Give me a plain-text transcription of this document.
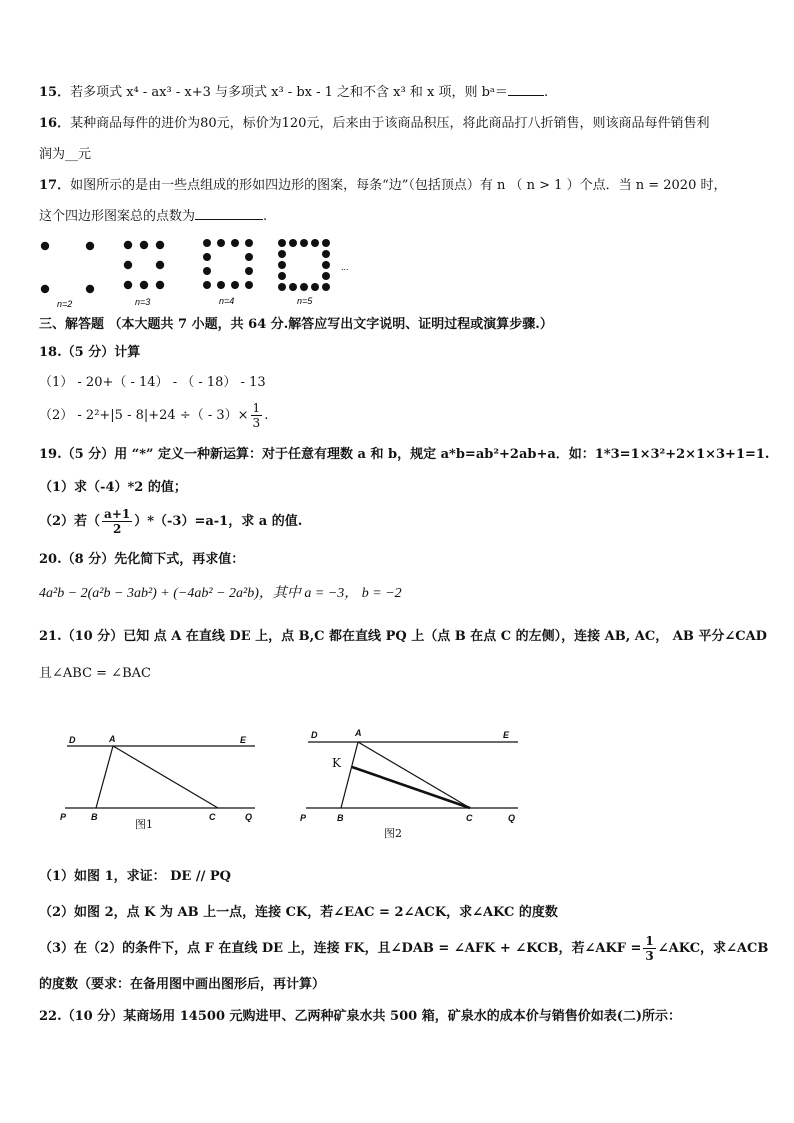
15．若多项式 x⁴ - ax³ - x+3 与多项式 x³ - bx - 1 之和不含 x³ 和 x 项，则 bᵃ＝	.
16．某种商品每件的进价为80元，标价为120元，后来由于该商品积压，将此商品打八折销售，则该商品每件销售利
润为__元
17．如图所示的是由一些点组成的形如四边形的图案，每条“边”（包括顶点）有 n （ n > 1 ）个点．当 n = 2020 时，
这个四边形图案总的点数为	.
...
n=2	n=3	n=4	n=5
三、解答题 （本大题共 7 小题，共 64 分.解答应写出文字说明、证明过程或演算步骤.）
18.（5 分）计算
（1） - 20+（ - 14） - （ - 18） - 13
（2） - 2²+|5 - 8|+24 ÷（ - $3)\times \frac{1}{3}$ .
19.（5 分）用 “*” 定义一种新运算：对于任意有理数 a 和 b，规定 a*b=ab²+2ab+a．如：1*3=1×3²+2×1×3+1=1.
（1）求（-4）*2 的值；
（2）若（ $\frac{a+1}{2} )*(-3)=a-1$，求 a 的值.
20.（8 分）先化简下式，再求值：
4a²b − 2(a²b − 3ab²) + (−4ab² − 2a²b)，其中 a = −3， b = −2
21.（10 分）已知 点 A 在直线 DE 上，点 B,C 都在直线 PQ 上（点 B 在点 C 的左侧），连接 AB, AC， AB 平分∠CAD
且∠ABC = ∠BAC
D	A	E
P	B	C	Q
图1
D	A	E
P	B	C	Q
K
图2
（1）如图 1，求证： DE // PQ
（2）如图 2，点 K 为 AB 上一点，连接 CK，若∠EAC = 2∠ACK，求∠AKC 的度数
（3）在（2）的条件下，点 F 在直线 DE 上，连接 FK，且∠DAB = ∠AFK + ∠KCB，若∠AKF = $\frac{1}{3}$ ∠AKC，求∠ACB
的度数（要求：在备用图中画出图形后，再计算）
22.（10 分）某商场用 14500 元购进甲、乙两种矿泉水共 500 箱，矿泉水的成本价与销售价如表(二)所示：
